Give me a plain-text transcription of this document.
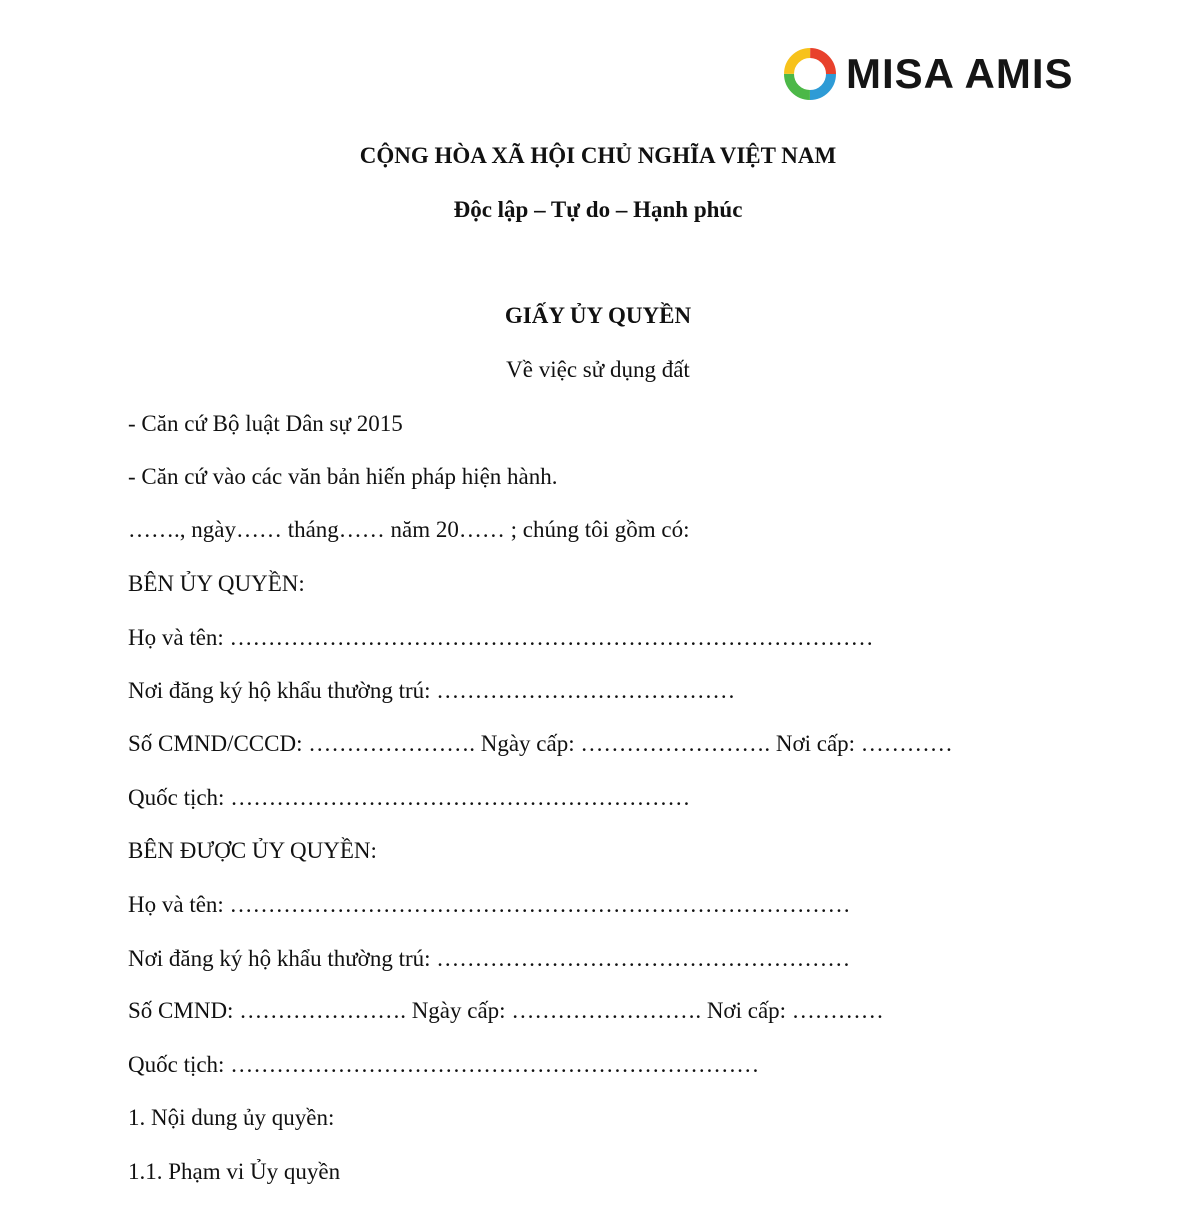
MISA AMIS
CỘNG HÒA XÃ HỘI CHỦ NGHĨA VIỆT NAM
Độc lập – Tự do – Hạnh phúc
GIẤY ỦY QUYỀN
Về việc sử dụng đất
- Căn cứ Bộ luật Dân sự 2015
- Căn cứ vào các văn bản hiến pháp hiện hành.
……., ngày…… tháng…… năm 20…… ; chúng tôi gồm có:
BÊN ỦY QUYỀN:
Họ và tên: …………………………………………………………………………
Nơi đăng ký hộ khẩu thường trú: …………………………………
Số CMND/CCCD: …………………. Ngày cấp: ……………………. Nơi cấp: …………
Quốc tịch: ……………………………………………………
BÊN ĐƯỢC ỦY QUYỀN:
Họ và tên: ………………………………………………………………………
Nơi đăng ký hộ khẩu thường trú: ………………………………………………
Số CMND: …………………. Ngày cấp: ……………………. Nơi cấp: …………
Quốc tịch: ……………………………………………………………
1. Nội dung ủy quyền:
1.1. Phạm vi Ủy quyền
